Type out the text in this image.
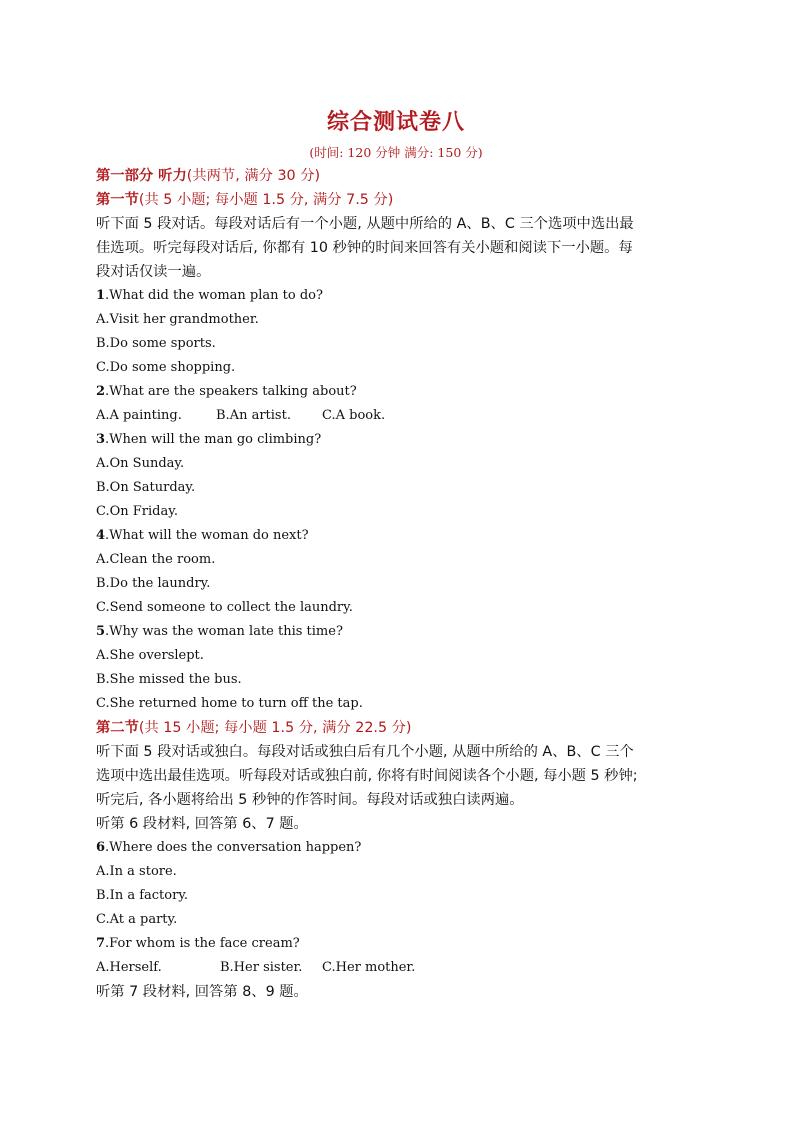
综合测试卷八
(时间: 120 分钟 满分: 150 分)
第一部分 听力(共两节, 满分 30 分)
第一节(共 5 小题; 每小题 1.5 分, 满分 7.5 分)
听下面 5 段对话。每段对话后有一个小题, 从题中所给的 A、B、C 三个选项中选出最
佳选项。听完每段对话后, 你都有 10 秒钟的时间来回答有关小题和阅读下一小题。每
段对话仅读一遍。
1.What did the woman plan to do?
A.Visit her grandmother.
B.Do some sports.
C.Do some shopping.
2.What are the speakers talking about?
A.A painting.	B.An artist.	C.A book.
3.When will the man go climbing?
A.On Sunday.
B.On Saturday.
C.On Friday.
4.What will the woman do next?
A.Clean the room.
B.Do the laundry.
C.Send someone to collect the laundry.
5.Why was the woman late this time?
A.She overslept.
B.She missed the bus.
C.She returned home to turn off the tap.
第二节(共 15 小题; 每小题 1.5 分, 满分 22.5 分)
听下面 5 段对话或独白。每段对话或独白后有几个小题, 从题中所给的 A、B、C 三个
选项中选出最佳选项。听每段对话或独白前, 你将有时间阅读各个小题, 每小题 5 秒钟;
听完后, 各小题将给出 5 秒钟的作答时间。每段对话或独白读两遍。
听第 6 段材料, 回答第 6、7 题。
6.Where does the conversation happen?
A.In a store.
B.In a factory.
C.At a party.
7.For whom is the face cream?
A.Herself.	B.Her sister.	C.Her mother.
听第 7 段材料, 回答第 8、9 题。
